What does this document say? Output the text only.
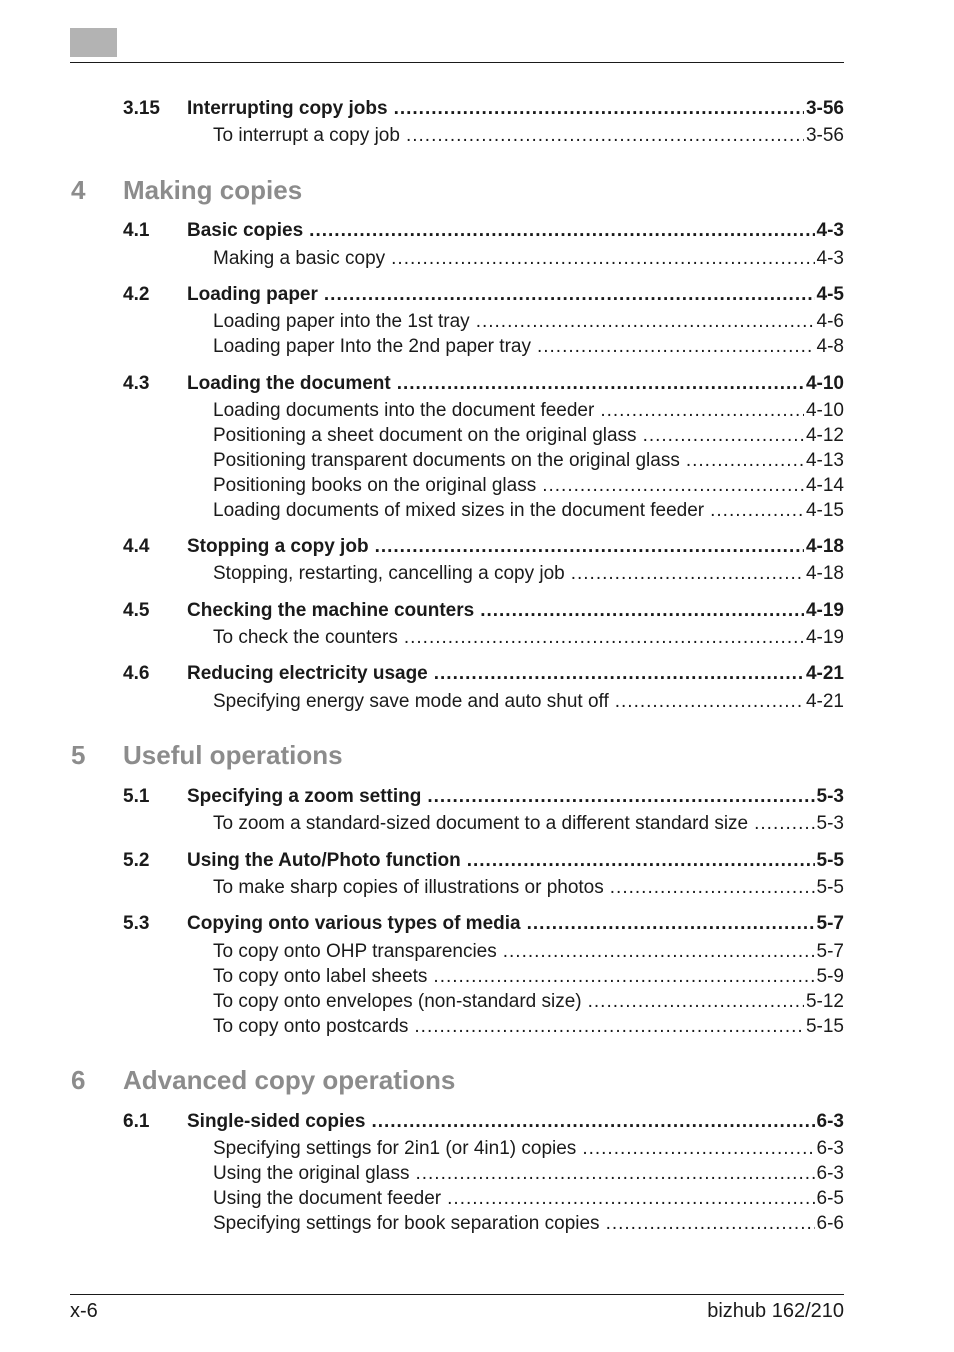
3.15 Interrupting copy jobs .....	3-56
To interrupt a copy job .....	3-56
4 Making copies
4.1 Basic copies .....	4-3
Making a basic copy .....	4-3
4.2 Loading paper .....	4-5
Loading paper into the 1st tray .....	4-6
Loading paper Into the 2nd paper tray .....	4-8
4.3 Loading the document .....	4-10
Loading documents into the document feeder .....	4-10
Positioning a sheet document on the original glass .....	4-12
Positioning transparent documents on the original glass .....	4-13
Positioning books on the original glass .....	4-14
Loading documents of mixed sizes in the document feeder .....	4-15
4.4 Stopping a copy job .....	4-18
Stopping, restarting, cancelling a copy job .....	4-18
4.5 Checking the machine counters .....	4-19
To check the counters .....	4-19
4.6 Reducing electricity usage .....	4-21
Specifying energy save mode and auto shut off .....	4-21
5 Useful operations
5.1 Specifying a zoom setting .....	5-3
To zoom a standard-sized document to a different standard size .....	5-3
5.2 Using the Auto/Photo function .....	5-5
To make sharp copies of illustrations or photos .....	5-5
5.3 Copying onto various types of media .....	5-7
To copy onto OHP transparencies .....	5-7
To copy onto label sheets .....	5-9
To copy onto envelopes (non-standard size) .....	5-12
To copy onto postcards .....	5-15
6 Advanced copy operations
6.1 Single-sided copies .....	6-3
Specifying settings for 2in1 (or 4in1) copies .....	6-3
Using the original glass .....	6-3
Using the document feeder .....	6-5
Specifying settings for book separation copies .....	6-6
x-6	bizhub 162/210
